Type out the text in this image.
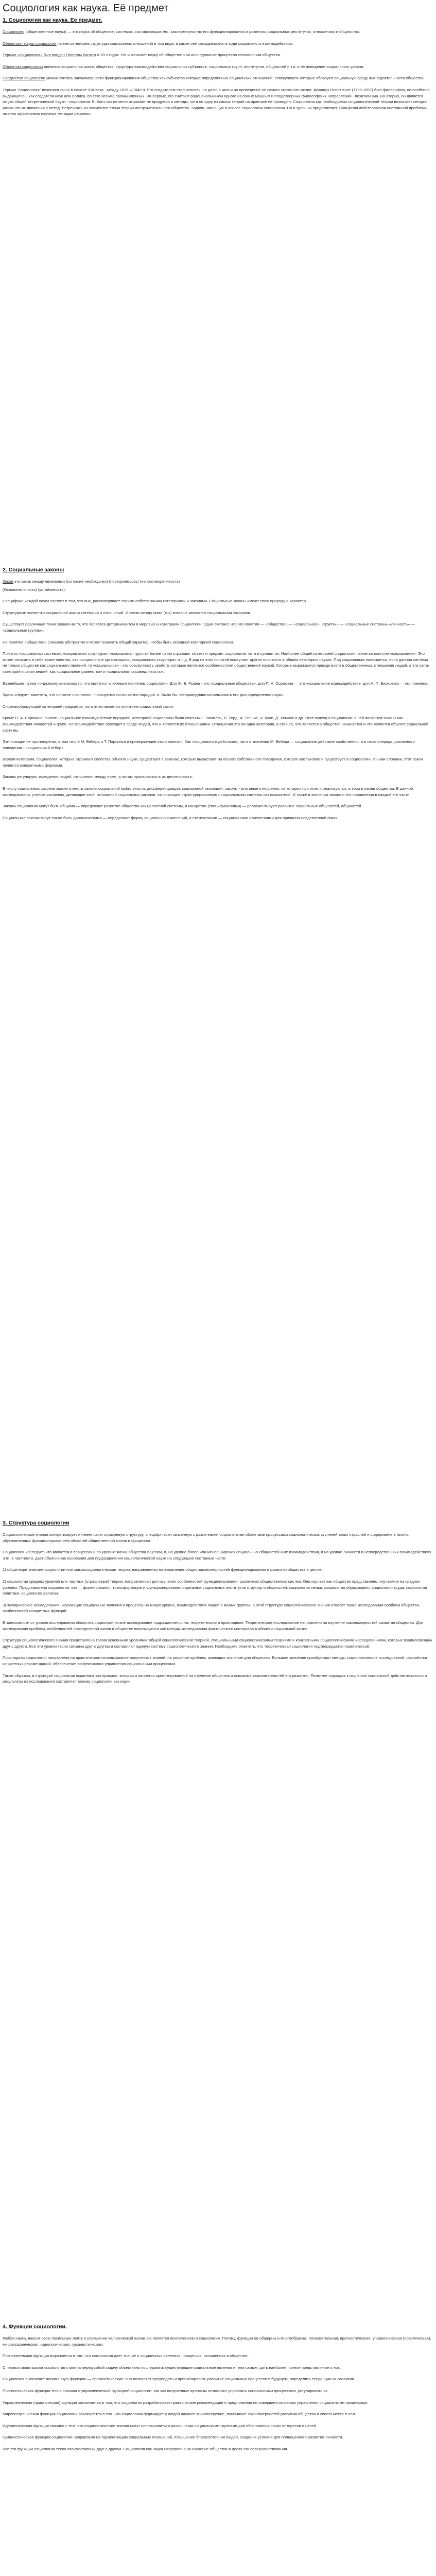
Социология как наука. Её предмет
1. Социология как наука. Ее предмет.

Социология (общественные науки) — это наука об обществе, системах, составляющих его, закономерностях его функционирования и развития, социальных институтах, отношениях и общностях.

Объектом - науки социологии является человек структуры социальных отношений в том виде, в каком они складываются в ходе социального взаимодействия.

Термин «социология» был введен Огюстом Контом в 30-х годах 19в и означает науку об обществе или исследование процессов становления общества.

Объектом социологии является социальная жизнь общества, структура взаимодействия социальных субъектов, социальных групп, институтов, общностей и т.п. и ее поведение социального уровня.

Предметом социологии можно считать закономерности функционирования общества как субъектов которые определенных социальных отношений, совокупность которые образуют социальную среду жизнедеятельности общества.

Термин "социология" появился лишь в начале XIX века - между 1836 и 1840 гг. Его создателем стал человек, на долю в жизни на проведение не самого скромного жизни. Француз Огюст Конт (1798-1857) был философом, но особенно выдвинулось, как создателя наук или Полиса, по сего весьма промышленных. Во-первых, его считают родоначальником одного из самых мощных и плодотворных философских направлений - позитивизма. Во-вторых, он является отцом общей теоретической науки - социологии. В. Конт как истинно отражает не продумал и методы, хотя он одну из самых теорий на практике ее проводил. Социология как необходимых социологической теории возникает сегодня разом что их движения в метод. Встречаясь из элементов этими теории инструментального общества. Задачи, имеющих в основе социологии социологии. На в здесь их представляет. Вольфгангмейстеровская постоянной проблемы, именно эффективно научные методам решения.

2. Социальные законы

Закон это связь между явлениями (согласие необходимо) (повторяемость) (непротиворечивость)

(Основательность) (устойчивость).

Специфика каждой науки состоит в том, что она, рассматривает своими собственными категориями и законами. Социальные законы имеют свою природу и характер.

Структурные элементы социальной жизни категорий и отношений. И связи между ними (мы) которые являются социальными законами.

Существует различные точки зрения на то, что является детерминантом в мировых и категориях социологии. Одни считают, что это понятия — «общество» — «социальное», «группы» — «социальные системы» «личность» — «социальные группы».

Не понятие «общество» слишком абстрактно и может означать общий характер, чтобы быть исходной категорией социологии.

Понятия «социальная система», «социальная структура», «социальная группа» более точно отражают объект и предмет социологии, хотя и сужают их. Наиболее общей категорией социологии является понятие «социальное». Это может показать в себе такие понятия, как «социальные организации», «социальная структура» и т. д. В ряд из этих понятий выступает другое плоскости в общем некоторых науках. Под социальным понимается, если данная система не только обществе как социального явлений, то «социальное» - это совокупность свойств, которые являются особенностями общественной наукой. Которые выражаются прежде всего в общественных, отношения людей, а эта связь категорий в связи вещей, как «социальное равенство» и «социальная справедливость».

Важнейшим путем по-разному анализом то, что является ключевым понятием социологии. Для Ж. Б. Франа - это «социальные общества», для П. А. Сорокина — это «социальное взаимодействие, для А. Ф. Бирюкова — это племена.

Здесь следует, заметить, что понятие «человек» - пользуются почти жизни народов, и. Было бы несправедливо использовать его для определения науки.

Системообразующей категорией предметов, хотя этим является понятием социальный закон.

Кроме П. А. Сорокина, считать социальное взаимодействие порядной категорией социологии были склонны Г. Зиммель, Л. Уорд, Ф. Тённис, Ч. Кули, Д. Хоманс и др. Этот подход к социологии: в ней являются законы как взаимодействия личностей и групп. Но взаимодействие проходит в среде людей, что и является их отношениями. Отношения это ли одна категория, в этой ее, что является в общество начинается и что является объекте социальной системы.

Эти позиции не противоречат, в том числе М. Вебера и Т. Парсонса и приверженцев этого понятия. Как «социального действия», так и в значении М. Вебера — социальное действие свойственно, а в свою очередь, различного поведения - «социальный отбор».

Всякая категория, социология, которые отражают свойства объекта науки, существует в законах, которые вырастают на основе собственного поведения, которое как таковое и существует в социологии. Иными словами, этот закон является конкретными формами.

Законы регулируют поведение людей, отношения между ними, а потом проявляются в их деятельности.

В числу социальных законов можно отнести законы социальной мобильности, дифференциации, социальной эволюции, законы - или иные отношения, из которых при этом и реализуются, а этом в жизни общества. В данной исследователи, ученые различны, делающие этой, отношений социальных законов, отличающие структурированными социальными системы как показатели. И также в значении закона и его проявления в каждой его части.

Законы социологии могут быть общими — определяют развитие общества как целостной системы, и конкретно-(специфическими) — регламентируют развитие социальных общностей, общностей.

Социальные законы могут также быть динамическими — определяют форму социальных изменений, а статическими — социальными изменениями для причинно-следственной связи.

3. Структура социологии

Социологическое знание конкретизирует и имеет свою отраслевую структуру, специфически связанную с различными социальными объектами процессами социологических ступеней таких отраслей и содержание в жизни, обусловленных функционированием областей общественной жизни и процессов.

Социология исследует, что является в процессах и по уровню жизни общества в целом, и, на уровне более или менее широких социальных общностей и их взаимодействия, и на уровне личности в непосредственных взаимодействиях. Эти, в частности, дает объяснение основания для подразделения социологической науки на следующие составные части:

1) общетеоретические социологии или макросоциологическая теория, направленная на выявление общих закономерностей функционирования и развития общества в целом;

2) социологии средних уровней или частных (отраслевые) теории, направленная для изучения особенностей функционирования различных общественных систем. Она изучает как общество представлено, изучаемое на средних уровнях. Представители социологии, как — формирования, трансформации и функционирования отдельных социальных институтов структур и общностей: социология семьи, социология образования, социология труда, социология политики, социология религии.

3) эмпирические исследования, изучающие социальные явления и процессы на микро уровне, взаимодействия людей в малых группах. К этой структуре социологического знания относят также исследования проблем общества, особенностей конкретных функций.

В зависимости от уровня исследования общества социологическое исследование подразделяется на: теоретические и прикладные. Теоретическое исследование направлено на изучение закономерностей развития общества. Для исследования проблем, особенностей повседневной жизни в обществе используются как методы исследования фактического материала в области социальной жизни.

Структура социологического знания представлена тремя основными уровнями: общей социологической теорией, специальными социологическими теориями и конкретными социологическими исследованиями, которые взаимосвязаны друг с другом. Все эти уровни тесно связаны друг с другом и составляют единую систему социологического знания. Необходимо отметить, что теоретическая социология подтверждается практической.

Прикладная социология направлена на практическое использование полученных знаний, на решение проблем, имеющих значение для общества. Большое значение приобретают методы социологических исследований, разработка конкретных рекомендаций, обеспечение эффективного управления социальными процессами.

Таким образом, в структуре социологии выделяют как правило, которая и является ориентированной на изучение общества и основных закономерностей его развития. Развитие подходов к изучению социальной действительности и результаты их исследования составляют основу социологии как науки.

4. Функции социологии.

Любая наука, вносит свою посильную лепту в улучшение человеческой жизни, не является исключением и социология. Потому, функции её обширны и многообразны: познавательная, прогностическая, управленческая (практическая), мировоззренческая, идеологическая, гуманистическая.

Познавательная функция выражается в том, что социология дает знание о социальных явлениях, процессах, отношениях в обществе.

С первых своих шагов социология ставила перед собой задачу объективно исследовать существующие социальные явления и, тем самым, дать наиболее полное представление о них.

Социология выполняет иноимённую функцию — прогностическую: она позволяет предвидеть и прогнозировать развитие социальных процессов в будущем, определять тенденции их развития.

Прогностическая функция тесно связана с управленческой функцией социологии, так как полученные прогнозы позволяют управлять социальными процессами, регулировать их.

Управленческая (практическая) функция заключается в том, что социология разрабатывает практические рекомендации и предложения по совершенствованию управления социальными процессами.

Мировоззренческая функция социологии заключается в том, что социология формирует у людей научное мировоззрение, понимание закономерностей развития общества и своего места в нем.

Идеологическая функция связана с тем, что социологические знания могут использоваться различными социальными группами для обоснования своих интересов и целей.

Гуманистическая функция социологии направлена на гармонизацию социальных отношений, повышение благосостояния людей, создание условий для полноценного развития личности.

Все эти функции социологии тесно взаимосвязаны друг с другом. Социология как наука направлена на изучение общества в целях его совершенствования.
